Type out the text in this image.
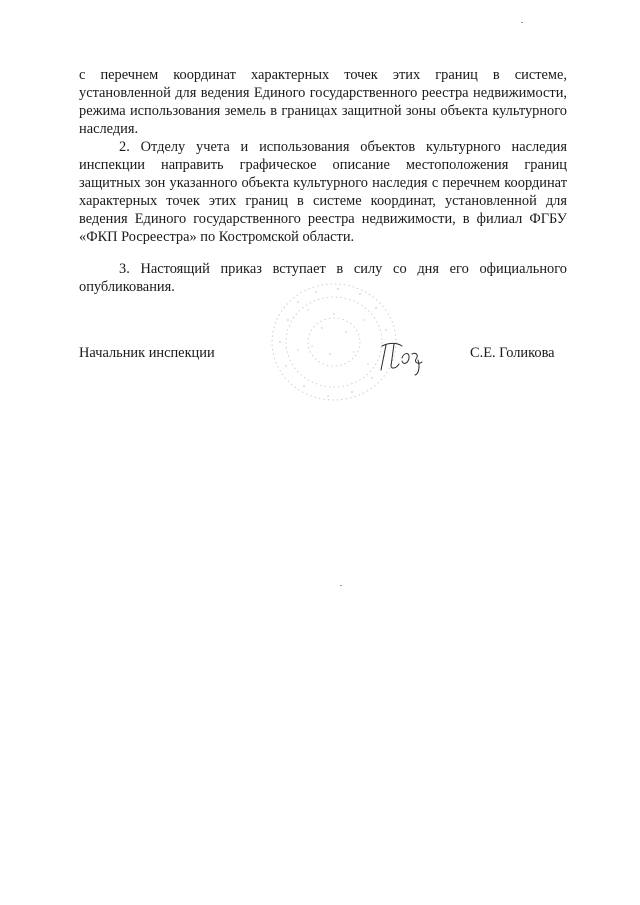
с перечнем координат характерных точек этих границ в системе, установленной для ведения Единого государственного реестра недвижимости, режима использования земель в границах защитной зоны объекта культурного наследия.

2. Отделу учета и использования объектов культурного наследия инспекции направить графическое описание местоположения границ защитных зон указанного объекта культурного наследия с перечнем координат характерных точек этих границ в системе координат, установленной для ведения Единого государственного реестра недвижимости, в филиал ФГБУ «ФКП Росреестра» по Костромской области.

3. Настоящий приказ вступает в силу со дня его официального опубликования.

Начальник инспекции	С.Е. Голикова
